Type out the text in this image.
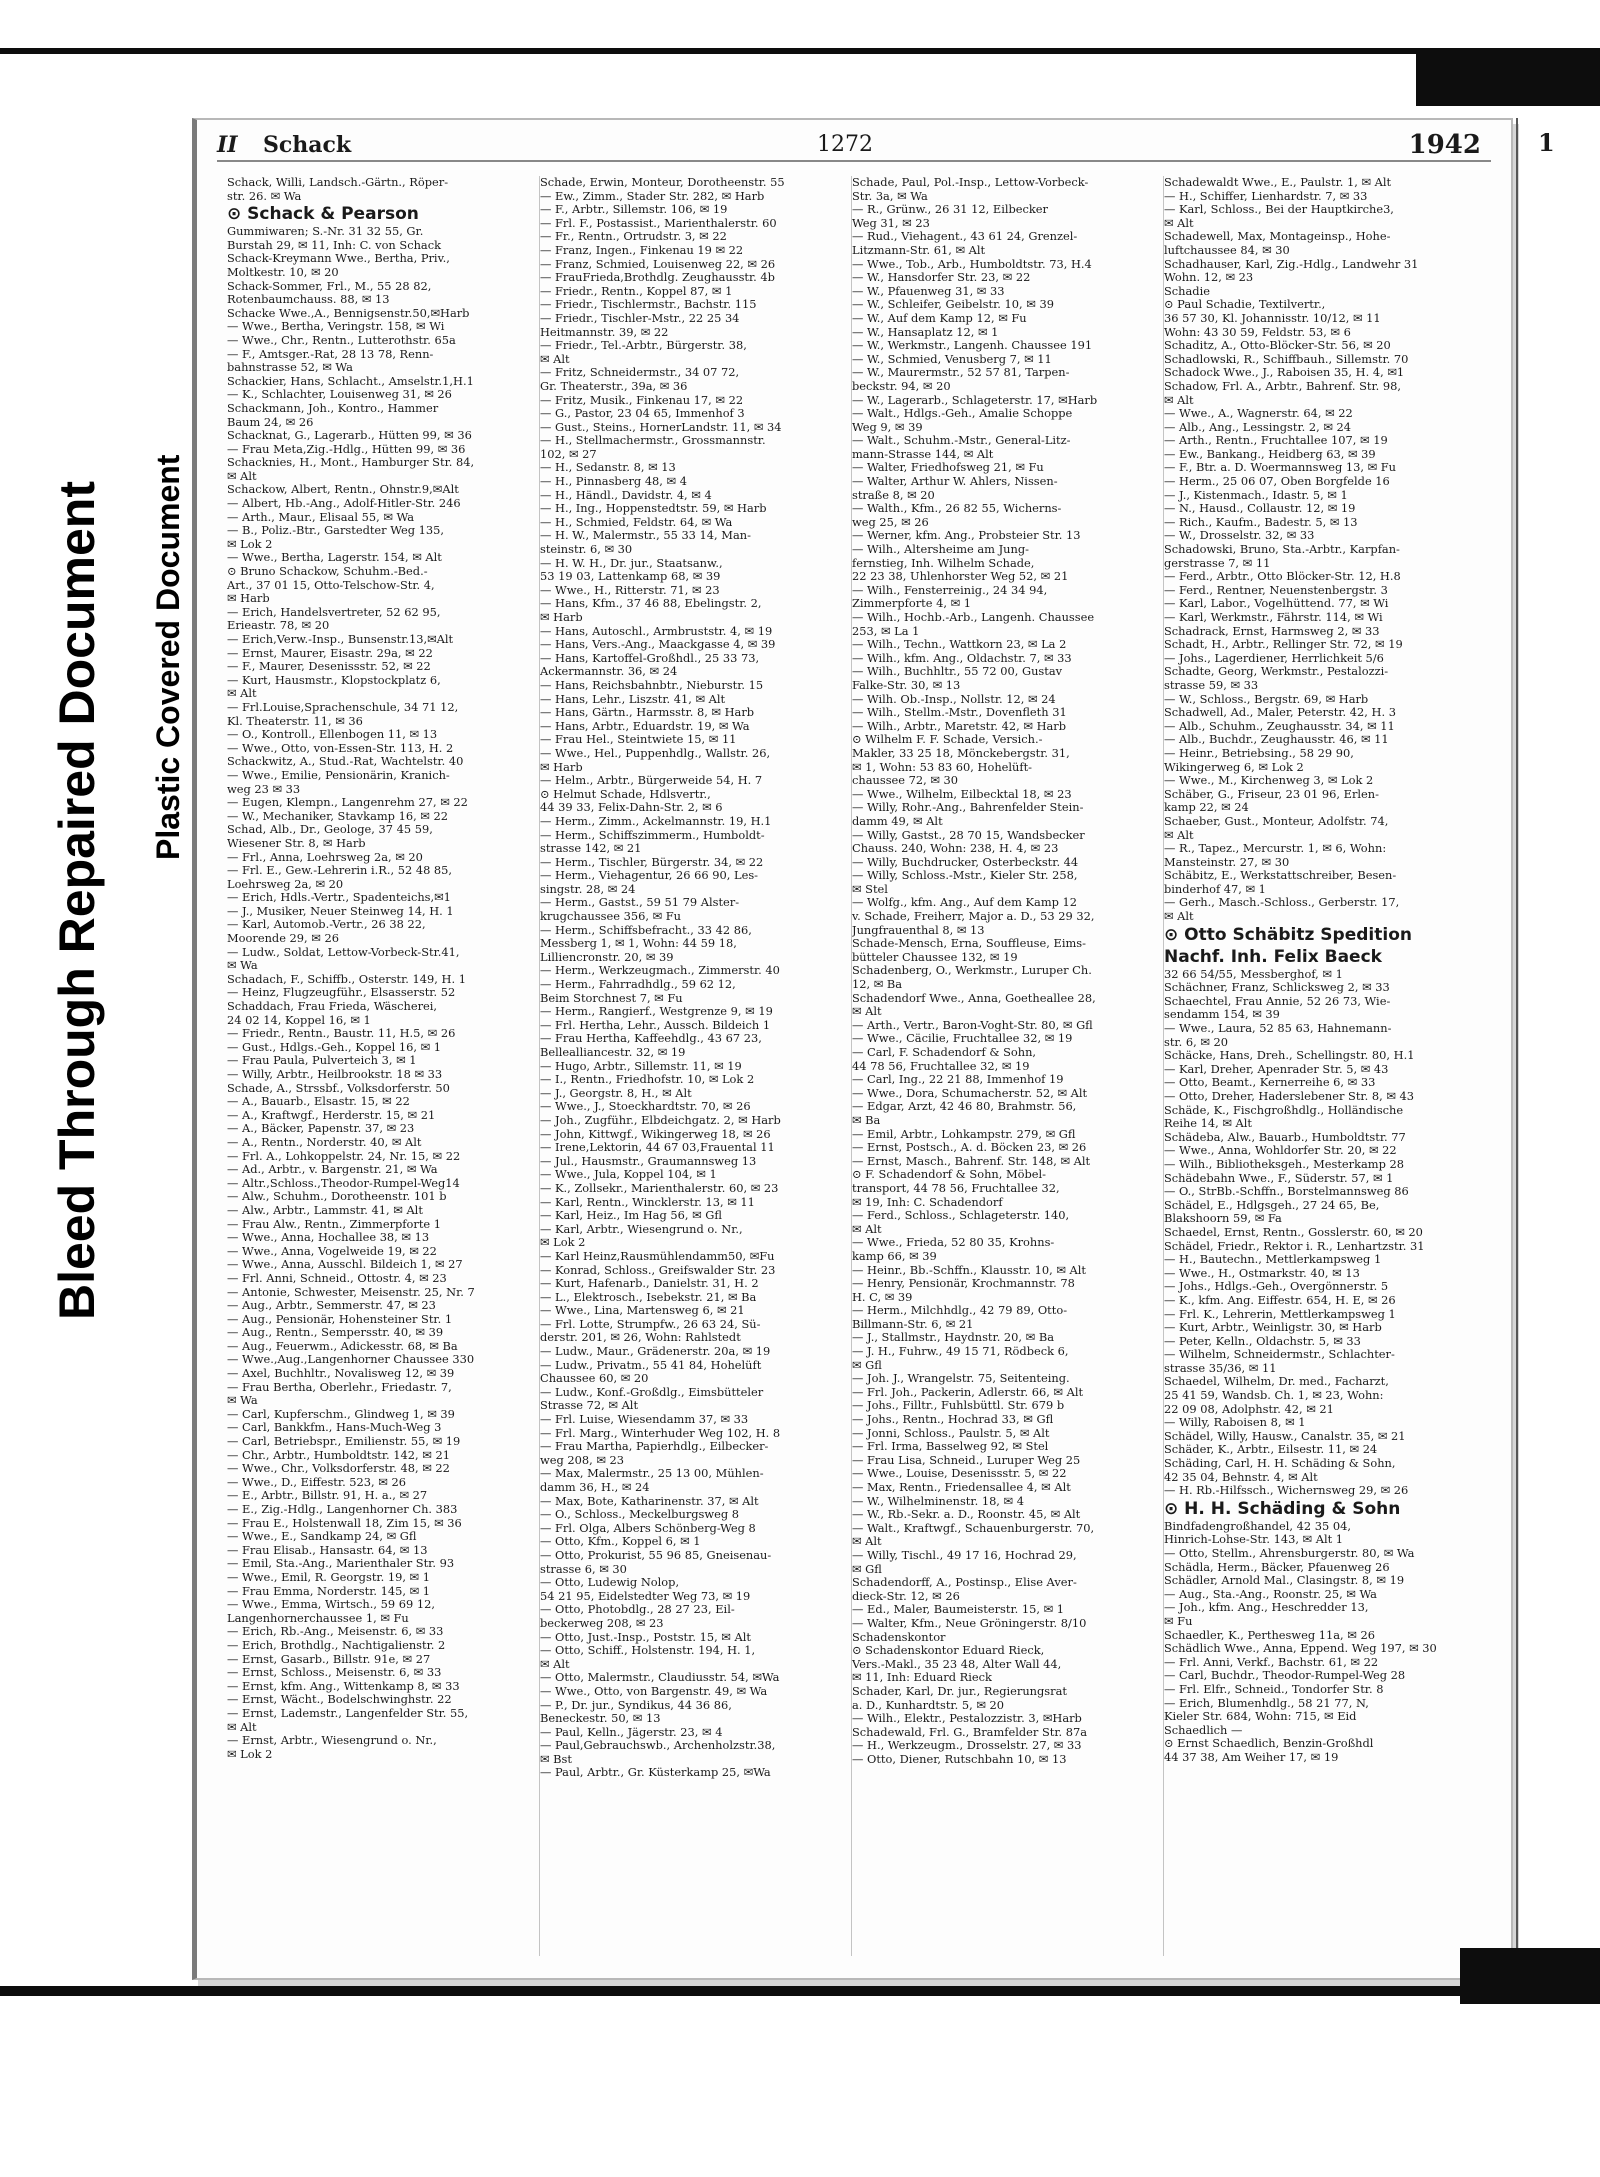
Bleed Through Repaired Document Plastic Covered Document
II Schack	1272	1942

Schack, Willi, Landsch.-Gärtn., Röper-

str. 26. ✉ Wa

⊙ Schack & Pearson

Gummiwaren; S.-Nr. 31 32 55, Gr.

Burstah 29, ✉ 11, Inh: C. von Schack

Schack-Kreymann Wwe., Bertha, Priv.,

Moltkestr. 10, ✉ 20

Schack-Sommer, Frl., M., 55 28 82,

Rotenbaumchauss. 88, ✉ 13

Schacke Wwe.,A., Bennigsenstr.50,✉Harb

— Wwe., Bertha, Veringstr. 158, ✉ Wi

— Wwe., Chr., Rentn., Lutterothstr. 65a

— F., Amtsger.-Rat, 28 13 78, Renn-

bahnstrasse 52, ✉ Wa

Schackier, Hans, Schlacht., Amselstr.1,H.1

— K., Schlachter, Louisenweg 31, ✉ 26

Schackmann, Joh., Kontro., Hammer

Baum 24, ✉ 26

Schacknat, G., Lagerarb., Hütten 99, ✉ 36

— Frau Meta,Zig.-Hdlg., Hütten 99, ✉ 36

Schacknies, H., Mont., Hamburger Str. 84,

✉ Alt

Schackow, Albert, Rentn., Ohnstr.9,✉Alt

— Albert, Hb.-Ang., Adolf-Hitler-Str. 246

— Arth., Maur., Elisaal 55, ✉ Wa

— B., Poliz.-Btr., Garstedter Weg 135,

✉ Lok 2

— Wwe., Bertha, Lagerstr. 154, ✉ Alt

⊙ Bruno Schackow, Schuhm.-Bed.-

Art., 37 01 15, Otto-Telschow-Str. 4,

✉ Harb

— Erich, Handelsvertreter, 52 62 95,

Erieastr. 78, ✉ 20

— Erich,Verw.-Insp., Bunsenstr.13,✉Alt

— Ernst, Maurer, Eisastr. 29a, ✉ 22

— F., Maurer, Desenissstr. 52, ✉ 22

— Kurt, Hausmstr., Klopstockplatz 6,

✉ Alt

— Frl.Louise,Sprachenschule, 34 71 12,

Kl. Theaterstr. 11, ✉ 36

— O., Kontroll., Ellenbogen 11, ✉ 13

— Wwe., Otto, von-Essen-Str. 113, H. 2

Schackwitz, A., Stud.-Rat, Wachtelstr. 40

— Wwe., Emilie, Pensionärin, Kranich-

weg 23 ✉ 33

— Eugen, Klempn., Langenrehm 27, ✉ 22

— W., Mechaniker, Stavkamp 16, ✉ 22

Schad, Alb., Dr., Geologe, 37 45 59,

Wiesener Str. 8, ✉ Harb

— Frl., Anna, Loehrsweg 2a, ✉ 20

— Frl. E., Gew.-Lehrerin i.R., 52 48 85,

Loehrsweg 2a, ✉ 20

— Erich, Hdls.-Vertr., Spadenteichs,✉1

— J., Musiker, Neuer Steinweg 14, H. 1

— Karl, Automob.-Vertr., 26 38 22,

Moorende 29, ✉ 26

— Ludw., Soldat, Lettow-Vorbeck-Str.41,

✉ Wa

Schadach, F., Schiffb., Osterstr. 149, H. 1

— Heinz, Flugzeugführ., Elsasserstr. 52

Schaddach, Frau Frieda, Wäscherei,

24 02 14, Koppel 16, ✉ 1

— Friedr., Rentn., Baustr. 11, H.5, ✉ 26

— Gust., Hdlgs.-Geh., Koppel 16, ✉ 1

— Frau Paula, Pulverteich 3, ✉ 1

— Willy, Arbtr., Heilbrookstr. 18 ✉ 33

Schade, A., Strssbf., Volksdorferstr. 50

— A., Bauarb., Elsastr. 15, ✉ 22

— A., Kraftwgf., Herderstr. 15, ✉ 21

— A., Bäcker, Papenstr. 37, ✉ 23

— A., Rentn., Norderstr. 40, ✉ Alt

— Frl. A., Lohkoppelstr. 24, Nr. 15, ✉ 22

— Ad., Arbtr., v. Bargenstr. 21, ✉ Wa

— Altr.,Schloss.,Theodor-Rumpel-Weg14

— Alw., Schuhm., Dorotheenstr. 101 b

— Alw., Arbtr., Lammstr. 41, ✉ Alt

— Frau Alw., Rentn., Zimmerpforte 1

— Wwe., Anna, Hochallee 38, ✉ 13

— Wwe., Anna, Vogelweide 19, ✉ 22

— Wwe., Anna, Ausschl. Bildeich 1, ✉ 27

— Frl. Anni, Schneid., Ottostr. 4, ✉ 23

— Antonie, Schwester, Meisenstr. 25, Nr. 7

— Aug., Arbtr., Semmerstr. 47, ✉ 23

— Aug., Pensionär, Hohensteiner Str. 1

— Aug., Rentn., Sempersstr. 40, ✉ 39

— Aug., Feuerwm., Adickesstr. 68, ✉ Ba

— Wwe.,Aug.,Langenhorner Chaussee 330

— Axel, Buchhltr., Novalisweg 12, ✉ 39

— Frau Bertha, Oberlehr., Friedastr. 7,

✉ Wa

— Carl, Kupferschm., Glindweg 1, ✉ 39

— Carl, Bankkfm., Hans-Much-Weg 3

— Carl, Betriebspr., Emilienstr. 55, ✉ 19

— Chr., Arbtr., Humboldtstr. 142, ✉ 21

— Wwe., Chr., Volksdorferstr. 48, ✉ 22

— Wwe., D., Eiffestr. 523, ✉ 26

— E., Arbtr., Billstr. 91, H. a., ✉ 27

— E., Zig.-Hdlg., Langenhorner Ch. 383

— Frau E., Holstenwall 18, Zim 15, ✉ 36

— Wwe., E., Sandkamp 24, ✉ Gfl

— Frau Elisab., Hansastr. 64, ✉ 13

— Emil, Sta.-Ang., Marienthaler Str. 93

— Wwe., Emil, R. Georgstr. 19, ✉ 1

— Frau Emma, Norderstr. 145, ✉ 1

— Wwe., Emma, Wirtsch., 59 69 12,

Langenhornerchaussee 1, ✉ Fu

— Erich, Rb.-Ang., Meisenstr. 6, ✉ 33

— Erich, Brothdlg., Nachtigalienstr. 2

— Ernst, Gasarb., Billstr. 91e, ✉ 27

— Ernst, Schloss., Meisenstr. 6, ✉ 33

— Ernst, kfm. Ang., Wittenkamp 8, ✉ 33

— Ernst, Wächt., Bodelschwinghstr. 22

— Ernst, Lademstr., Langenfelder Str. 55,

✉ Alt

— Ernst, Arbtr., Wiesengrund o. Nr.,

✉ Lok 2

Schade, Erwin, Monteur, Dorotheenstr. 55

— Ew., Zimm., Stader Str. 282, ✉ Harb

— F., Arbtr., Sillemstr. 106, ✉ 19

— Frl. F., Postassist., Marienthalerstr. 60

— Fr., Rentn., Ortrudstr. 3, ✉ 22

— Franz, Ingen., Finkenau 19 ✉ 22

— Franz, Schmied, Louisenweg 22, ✉ 26

— FrauFrieda,Brothdlg. Zeughausstr. 4b

— Friedr., Rentn., Koppel 87, ✉ 1

— Friedr., Tischlermstr., Bachstr. 115

— Friedr., Tischler-Mstr., 22 25 34

Heitmannstr. 39, ✉ 22

— Friedr., Tel.-Arbtr., Bürgerstr. 38,

✉ Alt

— Fritz, Schneidermstr., 34 07 72,

Gr. Theaterstr., 39a, ✉ 36

— Fritz, Musik., Finkenau 17, ✉ 22

— G., Pastor, 23 04 65, Immenhof 3

— Gust., Steins., HornerLandstr. 11, ✉ 34

— H., Stellmachermstr., Grossmannstr.

102, ✉ 27

— H., Sedanstr. 8, ✉ 13

— H., Pinnasberg 48, ✉ 4

— H., Händl., Davidstr. 4, ✉ 4

— H., Ing., Hoppenstedtstr. 59, ✉ Harb

— H., Schmied, Feldstr. 64, ✉ Wa

— H. W., Malermstr., 55 33 14, Man-

steinstr. 6, ✉ 30

— H. W. H., Dr. jur., Staatsanw.,

53 19 03, Lattenkamp 68, ✉ 39

— Wwe., H., Ritterstr. 71, ✉ 23

— Hans, Kfm., 37 46 88, Ebelingstr. 2,

✉ Harb

— Hans, Autoschl., Armbruststr. 4, ✉ 19

— Hans, Vers.-Ang., Maackgasse 4, ✉ 39

— Hans, Kartoffel-Großhdl., 25 33 73,

Ackermannstr. 36, ✉ 24

— Hans, Reichsbahnbtr., Nieburstr. 15

— Hans, Lehr., Liszstr. 41, ✉ Alt

— Hans, Gärtn., Harmsstr. 8, ✉ Harb

— Hans, Arbtr., Eduardstr. 19, ✉ Wa

— Frau Hel., Steintwiete 15, ✉ 11

— Wwe., Hel., Puppenhdlg., Wallstr. 26,

✉ Harb

— Helm., Arbtr., Bürgerweide 54, H. 7

⊙ Helmut Schade, Hdlsvertr.,

44 39 33, Felix-Dahn-Str. 2, ✉ 6

— Herm., Zimm., Ackelmannstr. 19, H.1

— Herm., Schiffszimmerm., Humboldt-

strasse 142, ✉ 21

— Herm., Tischler, Bürgerstr. 34, ✉ 22

— Herm., Viehagentur, 26 66 90, Les-

singstr. 28, ✉ 24

— Herm., Gastst., 59 51 79 Alster-

krugchaussee 356, ✉ Fu

— Herm., Schiffsbefracht., 33 42 86,

Messberg 1, ✉ 1, Wohn: 44 59 18,

Lilliencronstr. 20, ✉ 39

— Herm., Werkzeugmach., Zimmerstr. 40

— Herm., Fahrradhdlg., 59 62 12,

Beim Storchnest 7, ✉ Fu

— Herm., Rangierf., Westgrenze 9, ✉ 19

— Frl. Hertha, Lehr., Aussch. Bildeich 1

— Frau Hertha, Kaffeehdlg., 43 67 23,

Bellealliancestr. 32, ✉ 19

— Hugo, Arbtr., Sillemstr. 11, ✉ 19

— I., Rentn., Friedhofstr. 10, ✉ Lok 2

— J., Georgstr. 8, H., ✉ Alt

— Wwe., J., Stoeckhardtstr. 70, ✉ 26

— Joh., Zugführ., Elbdeichgatz. 2, ✉ Harb

— John, Kittwgf., Wikingerweg 18, ✉ 26

— Irene,Lektorin, 44 67 03,Frauental 11

— Jul., Hausmstr., Graumannsweg 13

— Wwe., Jula, Koppel 104, ✉ 1

— K., Zollsekr., Marienthalerstr. 60, ✉ 23

— Karl, Rentn., Wincklerstr. 13, ✉ 11

— Karl, Heiz., Im Hag 56, ✉ Gfl

— Karl, Arbtr., Wiesengrund o. Nr.,

✉ Lok 2

— Karl Heinz,Rausmühlendamm50, ✉Fu

— Konrad, Schloss., Greifswalder Str. 23

— Kurt, Hafenarb., Danielstr. 31, H. 2

— L., Elektrosch., Isebekstr. 21, ✉ Ba

— Wwe., Lina, Martensweg 6, ✉ 21

— Frl. Lotte, Strumpfw., 26 63 24, Sü-

derstr. 201, ✉ 26, Wohn: Rahlstedt

— Ludw., Maur., Grädenerstr. 20a, ✉ 19

— Ludw., Privatm., 55 41 84, Hohelüft

Chaussee 60, ✉ 20

— Ludw., Konf.-Großdlg., Eimsbütteler

Strasse 72, ✉ Alt

— Frl. Luise, Wiesendamm 37, ✉ 33

— Frl. Marg., Winterhuder Weg 102, H. 8

— Frau Martha, Papierhdlg., Eilbecker-

weg 208, ✉ 23

— Max, Malermstr., 25 13 00, Mühlen-

damm 36, H., ✉ 24

— Max, Bote, Katharinenstr. 37, ✉ Alt

— O., Schloss., Meckelburgsweg 8

— Frl. Olga, Albers Schönberg-Weg 8

— Otto, Kfm., Koppel 6, ✉ 1

— Otto, Prokurist, 55 96 85, Gneisenau-

strasse 6, ✉ 30

— Otto, Ludewig Nolop,

54 21 95, Eidelstedter Weg 73, ✉ 19

— Otto, Photobdlg., 28 27 23, Eil-

beckerweg 208, ✉ 23

— Otto, Just.-Insp., Poststr. 15, ✉ Alt

— Otto, Schiff., Holstenstr. 194, H. 1,

✉ Alt

— Otto, Malermstr., Claudiusstr. 54, ✉Wa

— Wwe., Otto, von Bargenstr. 49, ✉ Wa

— P., Dr. jur., Syndikus, 44 36 86,

Beneckestr. 50, ✉ 13

— Paul, Kelln., Jägerstr. 23, ✉ 4

— Paul,Gebrauchswb., Archenholzstr.38,

✉ Bst

— Paul, Arbtr., Gr. Küsterkamp 25, ✉Wa

Schade, Paul, Pol.-Insp., Lettow-Vorbeck-

Str. 3a, ✉ Wa

— R., Grünw., 26 31 12, Eilbecker

Weg 31, ✉ 23

— Rud., Viehagent., 43 61 24, Grenzel-

Litzmann-Str. 61, ✉ Alt

— Wwe., Tob., Arb., Humboldtstr. 73, H.4

— W., Hansdorfer Str. 23, ✉ 22

— W., Pfauenweg 31, ✉ 33

— W., Schleifer, Geibelstr. 10, ✉ 39

— W., Auf dem Kamp 12, ✉ Fu

— W., Hansaplatz 12, ✉ 1

— W., Werkmstr., Langenh. Chaussee 191

— W., Schmied, Venusberg 7, ✉ 11

— W., Maurermstr., 52 57 81, Tarpen-

beckstr. 94, ✉ 20

— W., Lagerarb., Schlageterstr. 17, ✉Harb

— Walt., Hdlgs.-Geh., Amalie Schoppe

Weg 9, ✉ 39

— Walt., Schuhm.-Mstr., General-Litz-

mann-Strasse 144, ✉ Alt

— Walter, Friedhofsweg 21, ✉ Fu

— Walter, Arthur W. Ahlers, Nissen-

straße 8, ✉ 20

— Walth., Kfm., 26 82 55, Wicherns-

weg 25, ✉ 26

— Werner, kfm. Ang., Probsteier Str. 13

— Wilh., Altersheime am Jung-

fernstieg, Inh. Wilhelm Schade,

22 23 38, Uhlenhorster Weg 52, ✉ 21

— Wilh., Fensterreinig., 24 34 94,

Zimmerpforte 4, ✉ 1

— Wilh., Hochb.-Arb., Langenh. Chaussee

253, ✉ La 1

— Wilh., Techn., Wattkorn 23, ✉ La 2

— Wilh., kfm. Ang., Oldachstr. 7, ✉ 33

— Wilh., Buchhltr., 55 72 00, Gustav

Falke-Str. 30, ✉ 13

— Wilh. Ob.-Insp., Nollstr. 12, ✉ 24

— Wilh., Stellm.-Mstr., Dovenfleth 31

— Wilh., Arbtr., Maretstr. 42, ✉ Harb

⊙ Wilhelm F. F. Schade, Versich.-

Makler, 33 25 18, Mönckebergstr. 31,

✉ 1, Wohn: 53 83 60, Hohelüft-

chaussee 72, ✉ 30

— Wwe., Wilhelm, Eilbecktal 18, ✉ 23

— Willy, Rohr.-Ang., Bahrenfelder Stein-

damm 49, ✉ Alt

— Willy, Gastst., 28 70 15, Wandsbecker

Chauss. 240, Wohn: 238, H. 4, ✉ 23

— Willy, Buchdrucker, Osterbeckstr. 44

— Willy, Schloss.-Mstr., Kieler Str. 258,

✉ Stel

— Wolfg., kfm. Ang., Auf dem Kamp 12

v. Schade, Freiherr, Major a. D., 53 29 32,

Jungfrauenthal 8, ✉ 13

Schade-Mensch, Erna, Souffleuse, Eims-

bütteler Chaussee 132, ✉ 19

Schadenberg, O., Werkmstr., Luruper Ch.

12, ✉ Ba

Schadendorf Wwe., Anna, Goetheallee 28,

✉ Alt

— Arth., Vertr., Baron-Voght-Str. 80, ✉ Gfl

— Wwe., Cäcilie, Fruchtallee 32, ✉ 19

— Carl, F. Schadendorf & Sohn,

44 78 56, Fruchtallee 32, ✉ 19

— Carl, Ing., 22 21 88, Immenhof 19

— Wwe., Dora, Schumacherstr. 52, ✉ Alt

— Edgar, Arzt, 42 46 80, Brahmstr. 56,

✉ Ba

— Emil, Arbtr., Lohkampstr. 279, ✉ Gfl

— Ernst, Postsch., A. d. Böcken 23, ✉ 26

— Ernst, Masch., Bahrenf. Str. 148, ✉ Alt

⊙ F. Schadendorf & Sohn, Möbel-

transport, 44 78 56, Fruchtallee 32,

✉ 19, Inh: C. Schadendorf

— Ferd., Schloss., Schlageterstr. 140,

✉ Alt

— Wwe., Frieda, 52 80 35, Krohns-

kamp 66, ✉ 39

— Heinr., Bb.-Schffn., Klausstr. 10, ✉ Alt

— Henry, Pensionär, Krochmannstr. 78

H. C, ✉ 39

— Herm., Milchhdlg., 42 79 89, Otto-

Billmann-Str. 6, ✉ 21

— J., Stallmstr., Haydnstr. 20, ✉ Ba

— J. H., Fuhrw., 49 15 71, Rödbeck 6,

✉ Gfl

— Joh. J., Wrangelstr. 75, Seitenteing.

— Frl. Joh., Packerin, Adlerstr. 66, ✉ Alt

— Johs., Filltr., Fuhlsbüttl. Str. 679 b

— Johs., Rentn., Hochrad 33, ✉ Gfl

— Jonni, Schloss., Paulstr. 5, ✉ Alt

— Frl. Irma, Basselweg 92, ✉ Stel

— Frau Lisa, Schneid., Luruper Weg 25

— Wwe., Louise, Desenissstr. 5, ✉ 22

— Max, Rentn., Friedensallee 4, ✉ Alt

— W., Wilhelminenstr. 18, ✉ 4

— W., Rb.-Sekr. a. D., Roonstr. 45, ✉ Alt

— Walt., Kraftwgf., Schauenburgerstr. 70,

✉ Alt

— Willy, Tischl., 49 17 16, Hochrad 29,

✉ Gfl

Schadendorff, A., Postinsp., Elise Aver-

dieck-Str. 12, ✉ 26

— Ed., Maler, Baumeisterstr. 15, ✉ 1

— Walter, Kfm., Neue Gröningerstr. 8/10

Schadenskontor

⊙ Schadenskontor Eduard Rieck,

Vers.-Makl., 35 23 48, Alter Wall 44,

✉ 11, Inh: Eduard Rieck

Schader, Karl, Dr. jur., Regierungsrat

a. D., Kunhardtstr. 5, ✉ 20

— Wilh., Elektr., Pestalozzistr. 3, ✉Harb

Schadewald, Frl. G., Bramfelder Str. 87a

— H., Werkzeugm., Drosselstr. 27, ✉ 33

— Otto, Diener, Rutschbahn 10, ✉ 13

Schadewaldt Wwe., E., Paulstr. 1, ✉ Alt

— H., Schiffer, Lienhardstr. 7, ✉ 33

— Karl, Schloss., Bei der Hauptkirche3,

✉ Alt

Schadewell, Max, Montageinsp., Hohe-

luftchaussee 84, ✉ 30

Schadhauser, Karl, Zig.-Hdlg., Landwehr 31

Wohn. 12, ✉ 23

Schadie

⊙ Paul Schadie, Textilvertr.,

36 57 30, Kl. Johannisstr. 10/12, ✉ 11

Wohn: 43 30 59, Feldstr. 53, ✉ 6

Schaditz, A., Otto-Blöcker-Str. 56, ✉ 20

Schadlowski, R., Schiffbauh., Sillemstr. 70

Schadock Wwe., J., Raboisen 35, H. 4, ✉1

Schadow, Frl. A., Arbtr., Bahrenf. Str. 98,

✉ Alt

— Wwe., A., Wagnerstr. 64, ✉ 22

— Alb., Ang., Lessingstr. 2, ✉ 24

— Arth., Rentn., Fruchtallee 107, ✉ 19

— Ew., Bankang., Heidberg 63, ✉ 39

— F., Btr. a. D. Woermannsweg 13, ✉ Fu

— Herm., 25 06 07, Oben Borgfelde 16

— J., Kistenmach., Idastr. 5, ✉ 1

— N., Hausd., Collaustr. 12, ✉ 19

— Rich., Kaufm., Badestr. 5, ✉ 13

— W., Drosselstr. 32, ✉ 33

Schadowski, Bruno, Sta.-Arbtr., Karpfan-

gerstrasse 7, ✉ 11

— Ferd., Arbtr., Otto Blöcker-Str. 12, H.8

— Ferd., Rentner, Neuenstenbergstr. 3

— Karl, Labor., Vogelhüttend. 77, ✉ Wi

— Karl, Werkmstr., Fährstr. 114, ✉ Wi

Schadrack, Ernst, Harmsweg 2, ✉ 33

Schadt, H., Arbtr., Rellinger Str. 72, ✉ 19

— Johs., Lagerdiener, Herrlichkeit 5/6

Schadte, Georg, Werkmstr., Pestalozzi-

strasse 59, ✉ 33

— W., Schloss., Bergstr. 69, ✉ Harb

Schadwell, Ad., Maler, Peterstr. 42, H. 3

— Alb., Schuhm., Zeughausstr. 34, ✉ 11

— Alb., Buchdr., Zeughausstr. 46, ✉ 11

— Heinr., Betriebsing., 58 29 90,

Wikingerweg 6, ✉ Lok 2

— Wwe., M., Kirchenweg 3, ✉ Lok 2

Schäber, G., Friseur, 23 01 96, Erlen-

kamp 22, ✉ 24

Schaeber, Gust., Monteur, Adolfstr. 74,

✉ Alt

— R., Tapez., Mercurstr. 1, ✉ 6, Wohn:

Mansteinstr. 27, ✉ 30

Schäbitz, E., Werkstattschreiber, Besen-

binderhof 47, ✉ 1

— Gerh., Masch.-Schloss., Gerberstr. 17,

✉ Alt

⊙ Otto Schäbitz Spedition

Nachf. Inh. Felix Baeck

32 66 54/55, Messberghof, ✉ 1

Schächner, Franz, Schlicksweg 2, ✉ 33

Schaechtel, Frau Annie, 52 26 73, Wie-

sendamm 154, ✉ 39

— Wwe., Laura, 52 85 63, Hahnemann-

str. 6, ✉ 20

Schäcke, Hans, Dreh., Schellingstr. 80, H.1

— Karl, Dreher, Apenrader Str. 5, ✉ 43

— Otto, Beamt., Kernerreihe 6, ✉ 33

— Otto, Dreher, Haderslebener Str. 8, ✉ 43

Schäde, K., Fischgroßhdlg., Holländische

Reihe 14, ✉ Alt

Schädeba, Alw., Bauarb., Humboldtstr. 77

— Wwe., Anna, Wohldorfer Str. 20, ✉ 22

— Wilh., Bibliotheksgeh., Mesterkamp 28

Schädebahn Wwe., F., Süderstr. 57, ✉ 1

— O., StrBb.-Schffn., Borstelmannsweg 86

Schädel, E., Hdlgsgeh., 27 24 65, Be,

Blakshoorn 59, ✉ Fa

Schaedel, Ernst, Rentn., Gosslerstr. 60, ✉ 20

Schädel, Friedr., Rektor i. R., Lenhartzstr. 31

— H., Bautechn., Mettlerkampsweg 1

— Wwe., H., Ostmarkstr. 40, ✉ 13

— Johs., Hdlgs.-Geh., Overgönnerstr. 5

— K., kfm. Ang. Eiffestr. 654, H. E, ✉ 26

— Frl. K., Lehrerin, Mettlerkampsweg 1

— Kurt, Arbtr., Weinligstr. 30, ✉ Harb

— Peter, Kelln., Oldachstr. 5, ✉ 33

— Wilhelm, Schneidermstr., Schlachter-

strasse 35/36, ✉ 11

Schaedel, Wilhelm, Dr. med., Facharzt,

25 41 59, Wandsb. Ch. 1, ✉ 23, Wohn:

22 09 08, Adolphstr. 42, ✉ 21

— Willy, Raboisen 8, ✉ 1

Schädel, Willy, Hausw., Canalstr. 35, ✉ 21

Schäder, K., Arbtr., Eilsestr. 11, ✉ 24

Schäding, Carl, H. H. Schäding & Sohn,

42 35 04, Behnstr. 4, ✉ Alt

— H. Rb.-Hilfssch., Wichernsweg 29, ✉ 26

⊙ H. H. Schäding & Sohn

Bindfadengroßhandel, 42 35 04,

Hinrich-Lohse-Str. 143, ✉ Alt 1

— Otto, Stellm., Ahrensburgerstr. 80, ✉ Wa

Schädla, Herm., Bäcker, Pfauenweg 26

Schädler, Arnold Mal., Clasingstr. 8, ✉ 19

— Aug., Sta.-Ang., Roonstr. 25, ✉ Wa

— Joh., kfm. Ang., Heschredder 13,

✉ Fu

Schaedler, K., Perthesweg 11a, ✉ 26

Schädlich Wwe., Anna, Eppend. Weg 197, ✉ 30

— Frl. Anni, Verkf., Bachstr. 61, ✉ 22

— Carl, Buchdr., Theodor-Rumpel-Weg 28

— Frl. Elfr., Schneid., Tondorfer Str. 8

— Erich, Blumenhdlg., 58 21 77, N,

Kieler Str. 684, Wohn: 715, ✉ Eid

Schaedlich —

⊙ Ernst Schaedlich, Benzin-Großhdl

44 37 38, Am Weiher 17, ✉ 19

1
